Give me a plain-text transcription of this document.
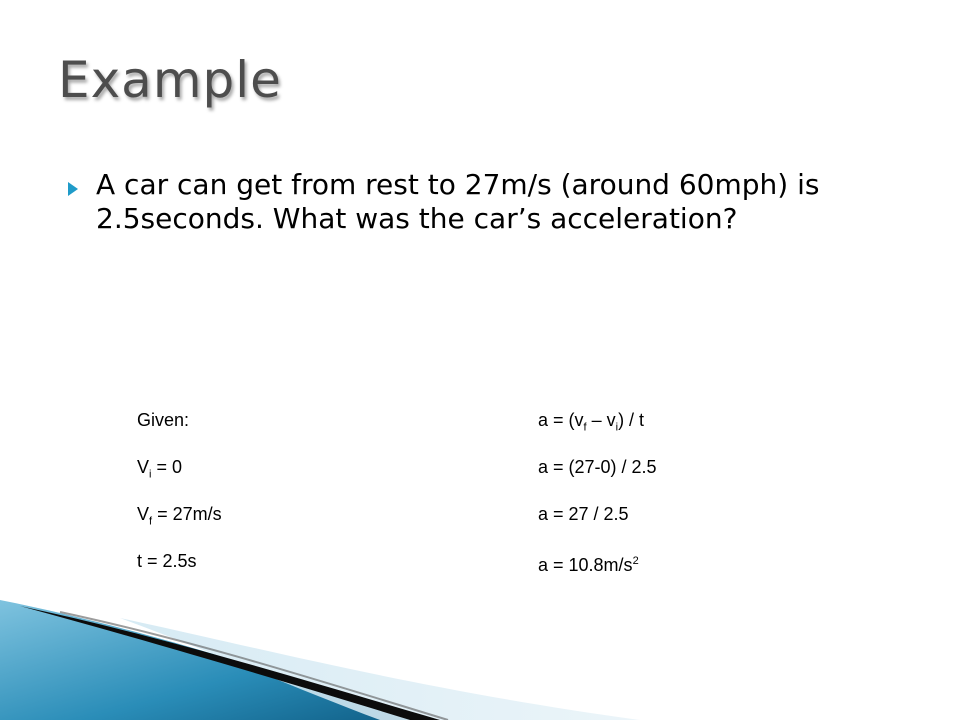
Example

A car can get from rest to 27m/s (around 60mph) is 2.5seconds. What was the car’s acceleration?

Given:
$V_i = 0$
$V_f = 27m/s$
t = 2.5s
$a = (v_f - v_i) / t$
a = (27-0) / 2.5
a = 27 / 2.5
$a = 10.8m/s^2$
